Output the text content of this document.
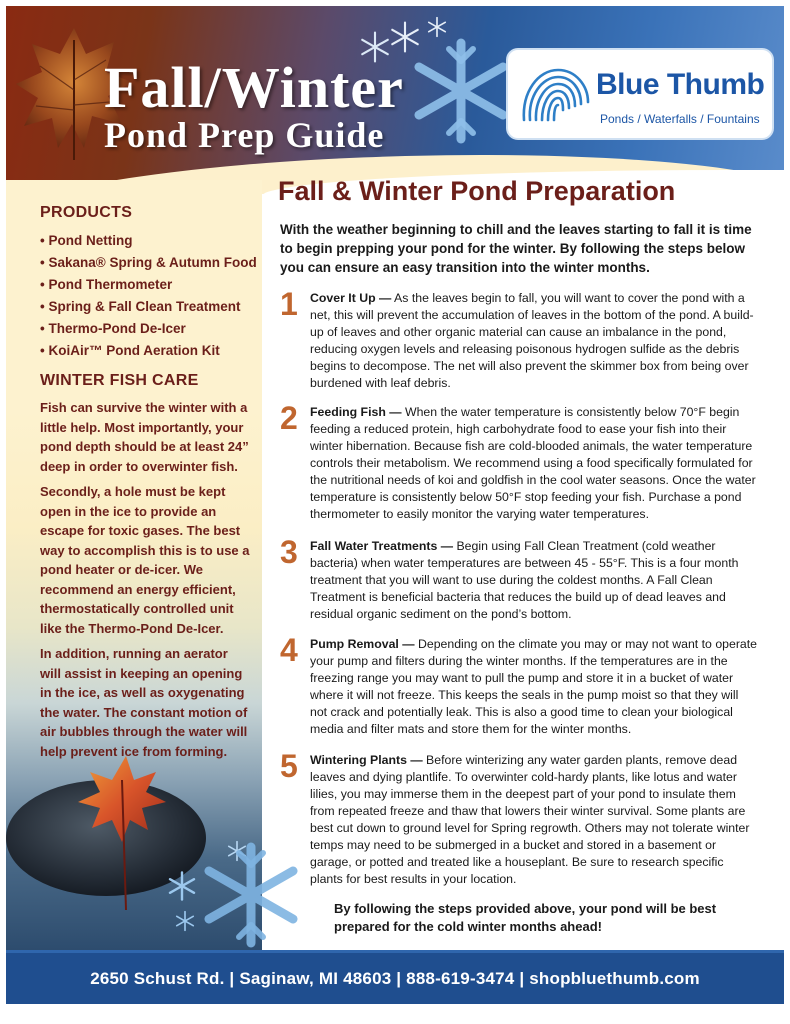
Fall/Winter
Pond Prep Guide
Blue Thumb
Ponds / Waterfalls / Fountains
PRODUCTS
• Pond Netting
• Sakana® Spring & Autumn Food
• Pond Thermometer
• Spring & Fall Clean Treatment
• Thermo-Pond De-Icer
• KoiAir™ Pond Aeration Kit
WINTER FISH CARE

Fish can survive the winter with a little help. Most importantly, your pond depth should be at least 24” deep in order to overwinter fish.

Secondly, a hole must be kept open in the ice to provide an escape for toxic gases. The best way to accomplish this is to use a pond heater or de-icer. We recommend an energy efficient, thermostatically controlled unit like the Thermo-Pond De-Icer.

In addition, running an aerator will assist in keeping an opening in the ice, as well as oxygenating the water. The constant motion of air bubbles through the water will help prevent ice from forming.

Fall & Winter Pond Preparation

With the weather beginning to chill and the leaves starting to fall it is time to begin prepping your pond for the winter. By following the steps below you can ensure an easy transition into the winter months.

1 Cover It Up — As the leaves begin to fall, you will want to cover the pond with a net, this will prevent the accumulation of leaves in the bottom of the pond. A build-up of leaves and other organic material can cause an imbalance in the pond, reducing oxygen levels and releasing poisonous hydrogen sulfide as the debris begins to decompose. The net will also prevent the skimmer box from being over burdened with leaf debris.

2 Feeding Fish — When the water temperature is consistently below 70°F begin feeding a reduced protein, high carbohydrate food to ease your fish into their winter hibernation. Because fish are cold-blooded animals, the water temperature controls their metabolism. We recommend using a food specifically formulated for the nutritional needs of koi and goldfish in the cool water seasons. Once the water temperature is consistently below 50°F stop feeding your fish. Purchase a pond thermometer to easily monitor the varying water temperatures.

3 Fall Water Treatments — Begin using Fall Clean Treatment (cold weather bacteria) when water temperatures are between 45 - 55°F. This is a four month treatment that you will want to use during the coldest months. A Fall Clean Treatment is beneficial bacteria that reduces the build up of dead leaves and residual organic sediment on the pond’s bottom.

4 Pump Removal — Depending on the climate you may or may not want to operate your pump and filters during the winter months. If the temperatures are in the freezing range you may want to pull the pump and store it in a bucket of water where it will not freeze. This keeps the seals in the pump moist so that they will not crack and potentially leak. This is also a good time to clean your biological media and filter mats and store them for the winter months.

5 Wintering Plants — Before winterizing any water garden plants, remove dead leaves and dying plantlife. To overwinter cold-hardy plants, like lotus and water lilies, you may immerse them in the deepest part of your pond to insulate them from repeated freeze and thaw that lowers their winter survival. Some plants are best cut down to ground level for Spring regrowth. Others may not tolerate winter temps may need to be submerged in a bucket and stored in a basement or garage, or potted and treated like a houseplant. Be sure to research specific plants for best results in your location.

By following the steps provided above, your pond will be best prepared for the cold winter months ahead!

2650 Schust Rd. | Saginaw, MI 48603 | 888-619-3474 | shopbluethumb.com
